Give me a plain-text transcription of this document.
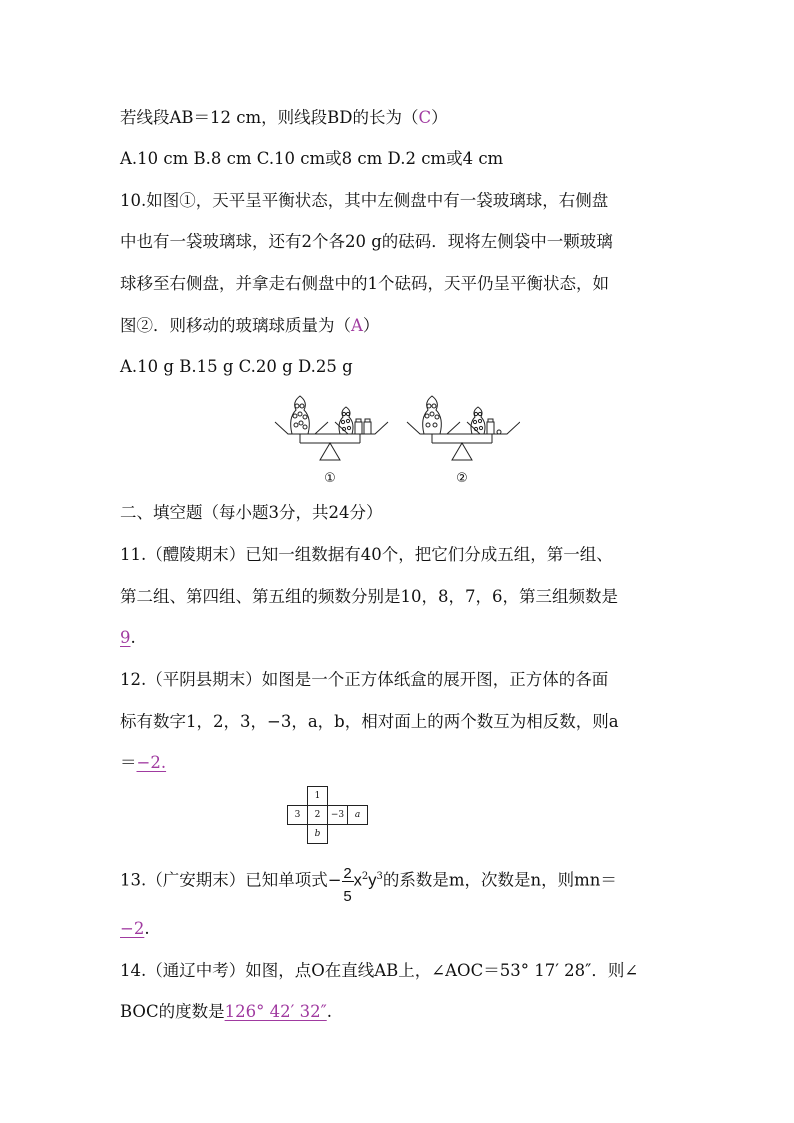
若线段AB＝12 cm，则线段BD的长为（C）
A.10 cm B.8 cm C.10 cm或8 cm D.2 cm或4 cm
10.如图①，天平呈平衡状态，其中左侧盘中有一袋玻璃球，右侧盘
中也有一袋玻璃球，还有2个各20 g的砝码．现将左侧袋中一颗玻璃
球移至右侧盘，并拿走右侧盘中的1个砝码，天平仍呈平衡状态，如
图②．则移动的玻璃球质量为（A）
A.10 g B.15 g C.20 g D.25 g
①	②
二、填空题（每小题3分，共24分）
11.（醴陵期末）已知一组数据有40个，把它们分成五组，第一组、
第二组、第四组、第五组的频数分别是10，8，7，6，第三组频数是
9.
12.（平阴县期末）如图是一个正方体纸盒的展开图，正方体的各面
标有数字1，2，3，−3，a，b，相对面上的两个数互为相反数，则a
＝−2.
	1		
3	2	−3	a
	b		
13.（广安期末）已知单项式−
$\frac{2}{5}$
$x^2y^3$的系数是m，次数是n，则mn＝
−2.
14.（通辽中考）如图，点O在直线AB上，∠AOC＝53° 17′ 28″．则∠
BOC的度数是126° 42′ 32″.
